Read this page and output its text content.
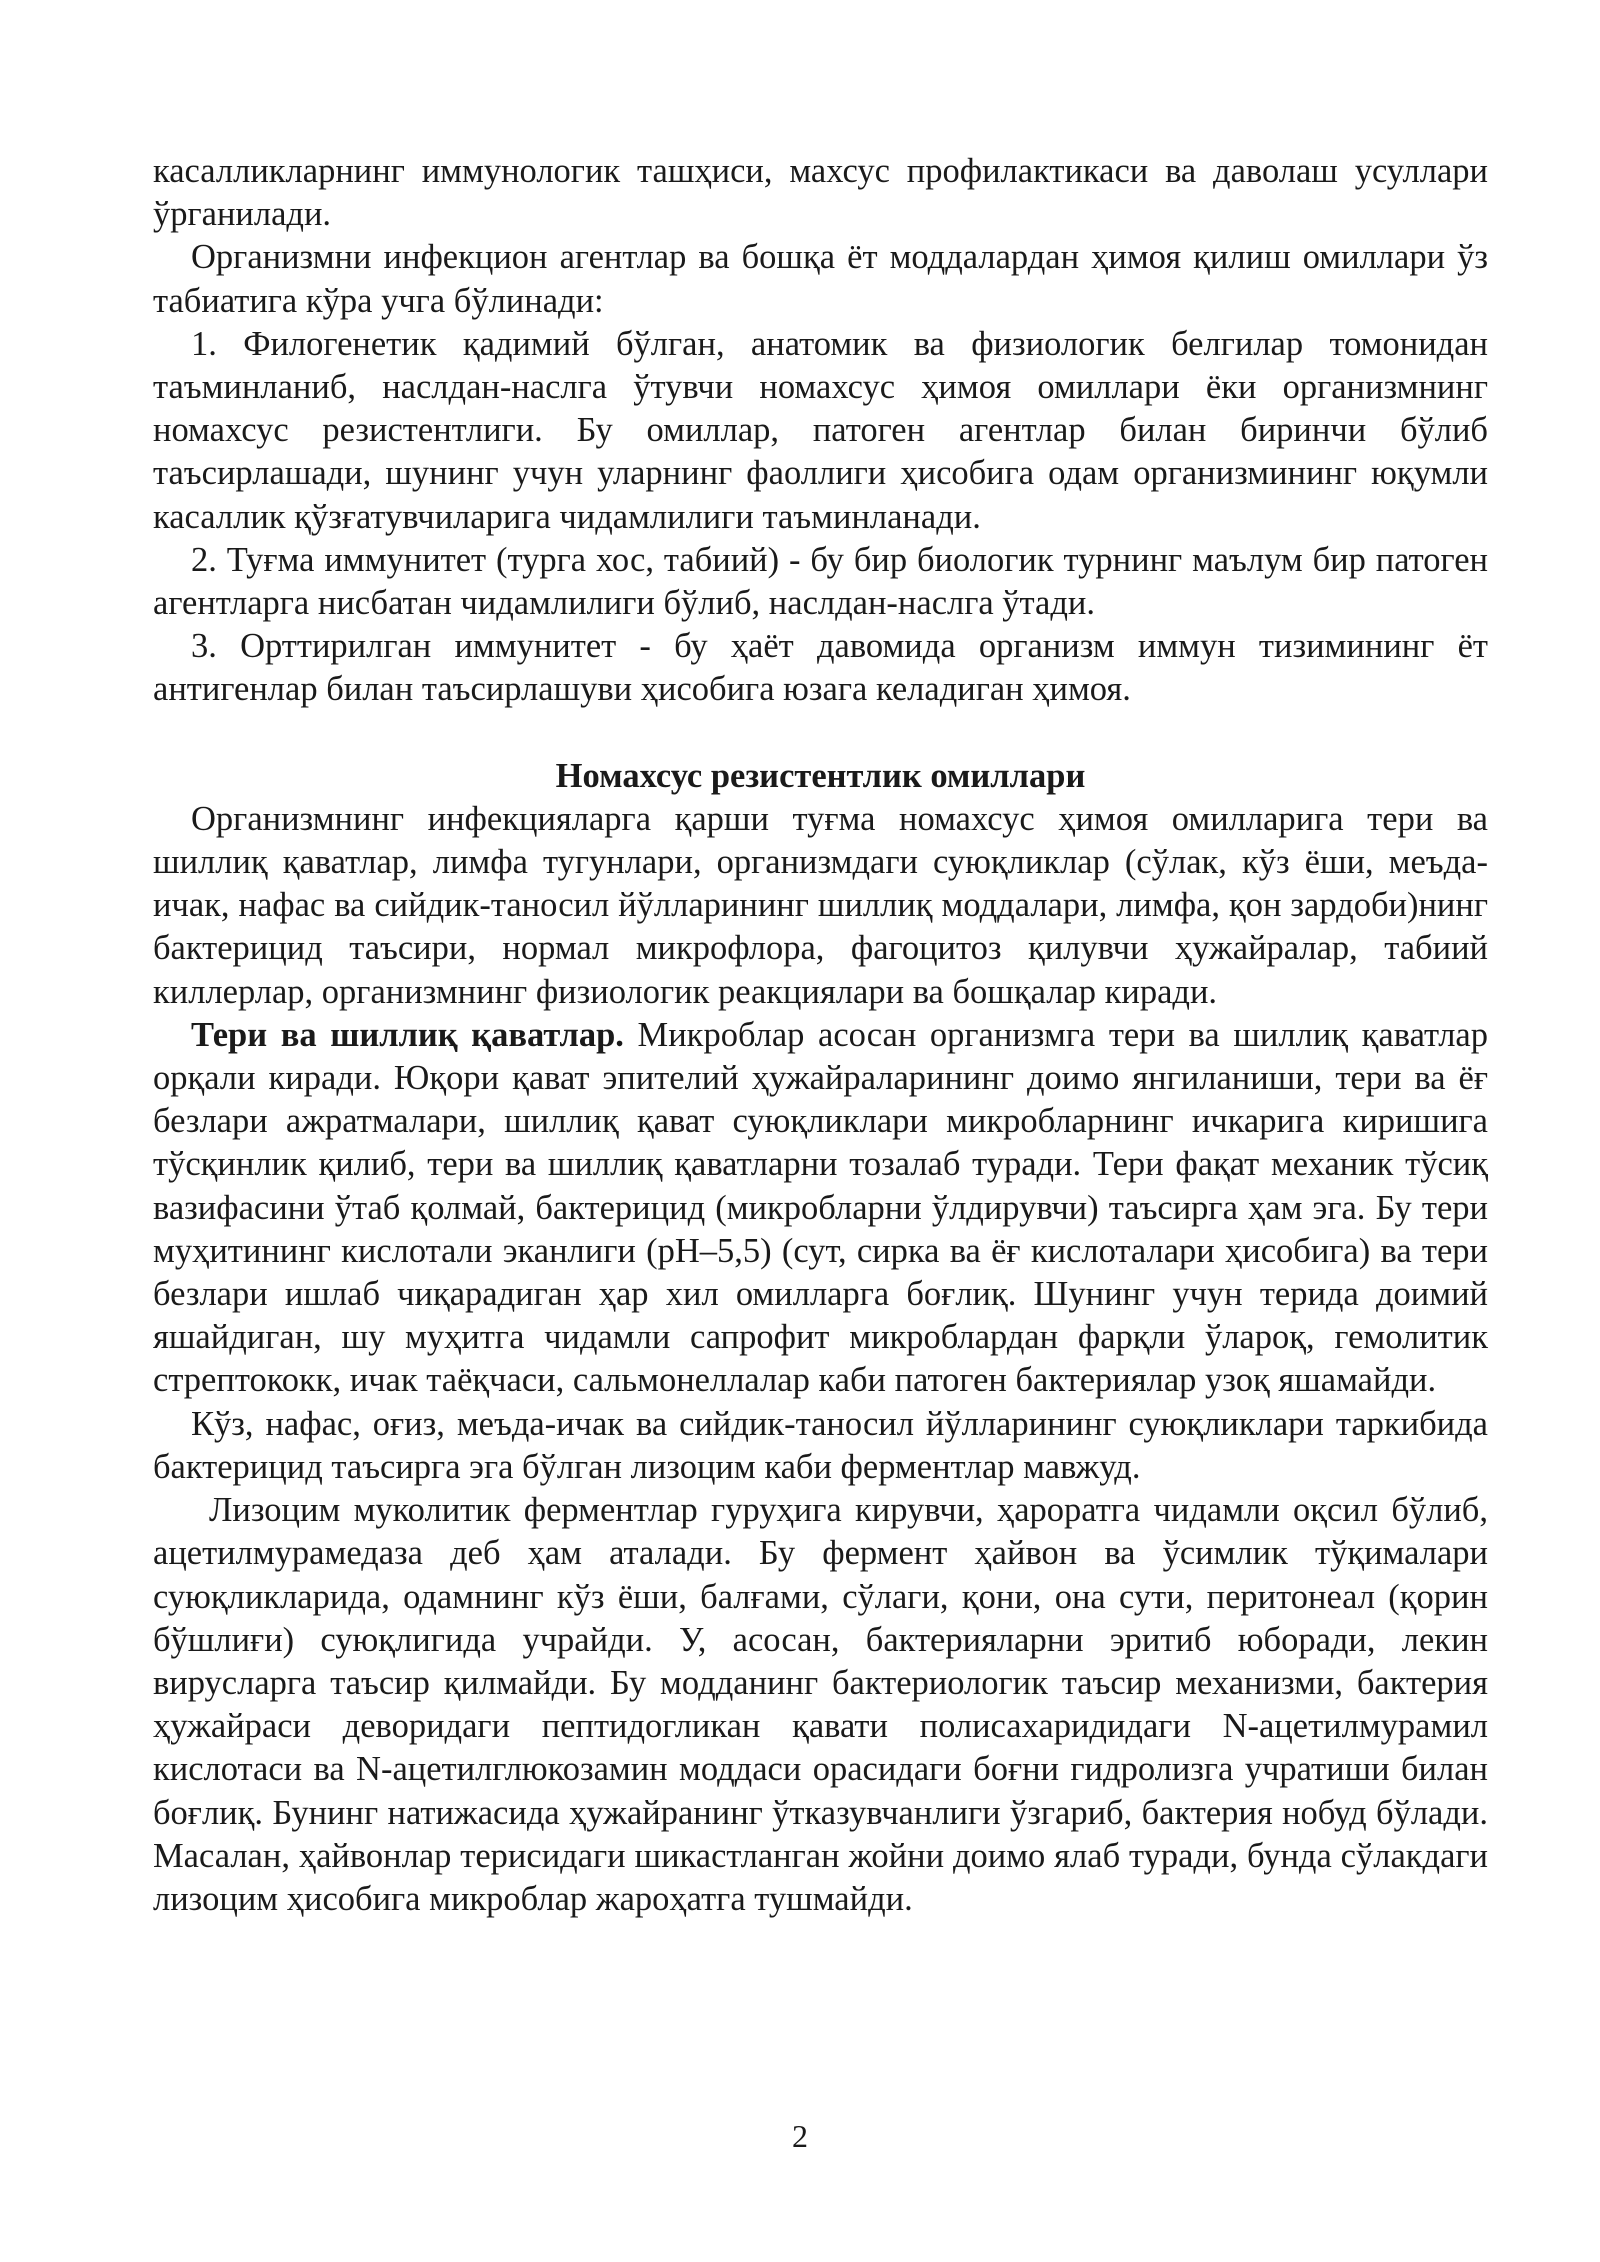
касалликларнинг иммунологик ташҳиси, махсус профилактикаси ва даволаш усуллари ўрганилади.

Организмни инфекцион агентлар ва бошқа ёт моддалардан ҳимоя қилиш омиллари ўз табиатига кўра учга бўлинади:

1. Филогенетик қадимий бўлган, анатомик ва физиологик белгилар томонидан таъминланиб, наслдан-наслга ўтувчи номахсус ҳимоя омиллари ёки организмнинг номахсус резистентлиги. Бу омиллар, патоген агентлар билан биринчи бўлиб таъсирлашади, шунинг учун уларнинг фаоллиги ҳисобига одам организмининг юқумли касаллик қўзғатувчиларига чидамлилиги таъминланади.

2. Туғма иммунитет (турга хос, табиий) - бу бир биологик турнинг маълум бир патоген агентларга нисбатан чидамлилиги бўлиб, наслдан-наслга ўтади.

3. Орттирилган иммунитет - бу ҳаёт давомида организм иммун тизимининг ёт антигенлар билан таъсирлашуви ҳисобига юзага келадиган ҳимоя.

Номахсус резистентлик омиллари

Организмнинг инфекцияларга қарши туғма номахсус ҳимоя омилларига тери ва шиллиқ қаватлар, лимфа тугунлари, организмдаги суюқликлар (сўлак, кўз ёши, меъда-ичак, нафас ва сийдик-таносил йўлларининг шиллиқ моддалари, лимфа, қон зардоби)нинг бактерицид таъсири, нормал микрофлора, фагоцитоз қилувчи ҳужайралар, табиий киллерлар, организмнинг физиологик реакциялари ва бошқалар киради.

Тери ва шиллиқ қаватлар. Микроблар асосан организмга тери ва шиллиқ қаватлар орқали киради. Юқори қават эпителий ҳужайраларининг доимо янгиланиши, тери ва ёғ безлари ажратмалари, шиллиқ қават суюқликлари микробларнинг ичкарига киришига тўсқинлик қилиб, тери ва шиллиқ қаватларни тозалаб туради. Тери фақат механик тўсиқ вазифасини ўтаб қолмай, бактерицид (микробларни ўлдирувчи) таъсирга ҳам эга. Бу тери муҳитининг кислотали эканлиги (pH–5,5) (сут, сирка ва ёғ кислоталари ҳисобига) ва тери безлари ишлаб чиқарадиган ҳар хил омилларга боғлиқ. Шунинг учун терида доимий яшайдиган, шу муҳитга чидамли сапрофит микроблардан фарқли ўлароқ, гемолитик стрептококк, ичак таёқчаси, сальмонеллалар каби патоген бактериялар узоқ яшамайди.

Кўз, нафас, оғиз, меъда-ичак ва сийдик-таносил йўлларининг суюқликлари таркибида бактерицид таъсирга эга бўлган лизоцим каби ферментлар мавжуд.

Лизоцим муколитик ферментлар гуруҳига кирувчи, ҳароратга чидамли оқсил бўлиб, ацетилмурамедаза деб ҳам аталади. Бу фермент ҳайвон ва ўсимлик тўқималари суюқликларида, одамнинг кўз ёши, балғами, сўлаги, қони, она сути, перитонеал (қорин бўшлиғи) суюқлигида учрайди. У, асосан, бактерияларни эритиб юборади, лекин вирусларга таъсир қилмайди. Бу модданинг бактериологик таъсир механизми, бактерия ҳужайраси деворидаги пептидогликан қавати полисахаридидаги N-ацетилмурамил кислотаси ва N-ацетилглюкозамин моддаси орасидаги боғни гидролизга учратиши билан боғлиқ. Бунинг натижасида ҳужайранинг ўтказувчанлиги ўзгариб, бактерия нобуд бўлади. Масалан, ҳайвонлар терисидаги шикастланган жойни доимо ялаб туради, бунда сўлакдаги лизоцим ҳисобига микроблар жароҳатга тушмайди.

2
